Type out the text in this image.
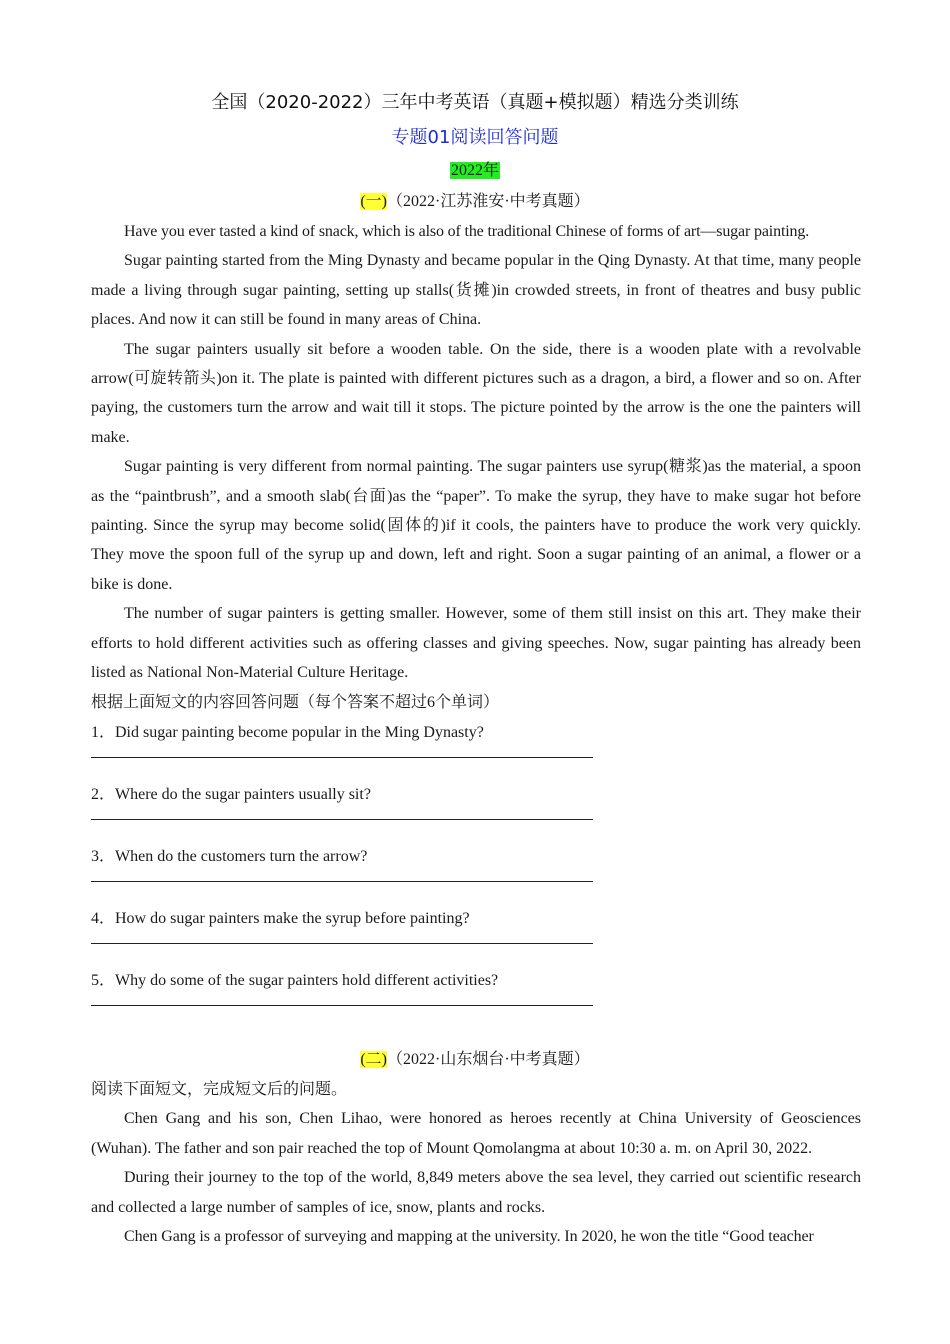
全国（2020-2022）三年中考英语（真题+模拟题）精选分类训练
专题01阅读回答问题
2022年
(一)（2022·江苏淮安·中考真题）

Have you ever tasted a kind of snack, which is also of the traditional Chinese of forms of art—sugar painting.

Sugar painting started from the Ming Dynasty and became popular in the Qing Dynasty. At that time, many people made a living through sugar painting, setting up stalls(货摊)in crowded streets, in front of theatres and busy public places. And now it can still be found in many areas of China.

The sugar painters usually sit before a wooden table. On the side, there is a wooden plate with a revolvable arrow(可旋转箭头)on it. The plate is painted with different pictures such as a dragon, a bird, a flower and so on. After paying, the customers turn the arrow and wait till it stops. The picture pointed by the arrow is the one the painters will make.

Sugar painting is very different from normal painting. The sugar painters use syrup(糖浆)as the material, a spoon as the “paintbrush”, and a smooth slab(台面)as the “paper”. To make the syrup, they have to make sugar hot before painting. Since the syrup may become solid(固体的)if it cools, the painters have to produce the work very quickly. They move the spoon full of the syrup up and down, left and right. Soon a sugar painting of an animal, a flower or a bike is done.

The number of sugar painters is getting smaller. However, some of them still insist on this art. They make their efforts to hold different activities such as offering classes and giving speeches. Now, sugar painting has already been listed as National Non-Material Culture Heritage.

根据上面短文的内容回答问题（每个答案不超过6个单词）

1．Did sugar painting become popular in the Ming Dynasty?
2．Where do the sugar painters usually sit?
3．When do the customers turn the arrow?
4．How do sugar painters make the syrup before painting?
5．Why do some of the sugar painters hold different activities?
(二)（2022·山东烟台·中考真题）

阅读下面短文，完成短文后的问题。

Chen Gang and his son, Chen Lihao, were honored as heroes recently at China University of Geosciences (Wuhan). The father and son pair reached the top of Mount Qomolangma at about 10:30 a. m. on April 30, 2022.

During their journey to the top of the world, 8,849 meters above the sea level, they carried out scientific research and collected a large number of samples of ice, snow, plants and rocks.

Chen Gang is a professor of surveying and mapping at the university. In 2020, he won the title “Good teacher
